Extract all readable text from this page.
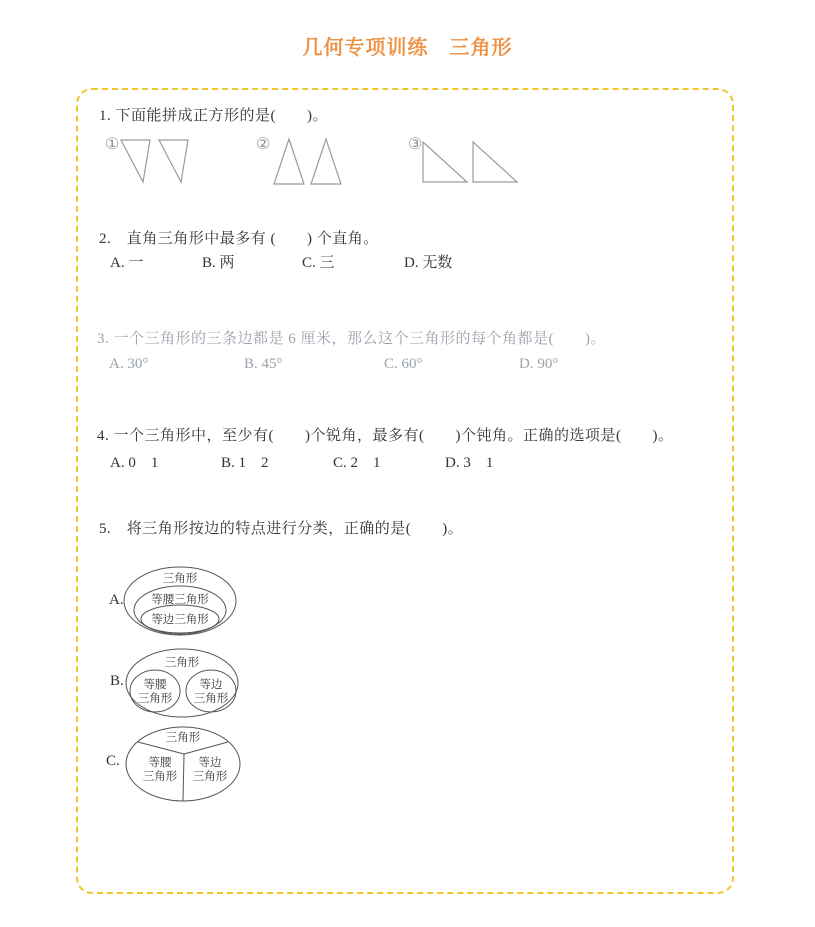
几何专项训练　三角形
1. 下面能拼成正方形的是(　　)。
①	②	③
2.　直角三角形中最多有 (　　) 个直角。
A. 一	B. 两	C. 三	D. 无数
3. 一个三角形的三条边都是 6 厘米，那么这个三角形的每个角都是(　　)。
A. 30°	B. 45°	C. 60°	D. 90°
4. 一个三角形中，至少有(　　)个锐角，最多有(　　)个钝角。正确的选项是(　　)。
A. 0　1	B. 1　2	C. 2　1	D. 3　1
5.　将三角形按边的特点进行分类，正确的是(　　)。
A.
三角形
等腰三角形
等边三角形
B.
三角形
等腰
三角形
等边
三角形
C.
三角形
等腰
三角形
等边
三角形
